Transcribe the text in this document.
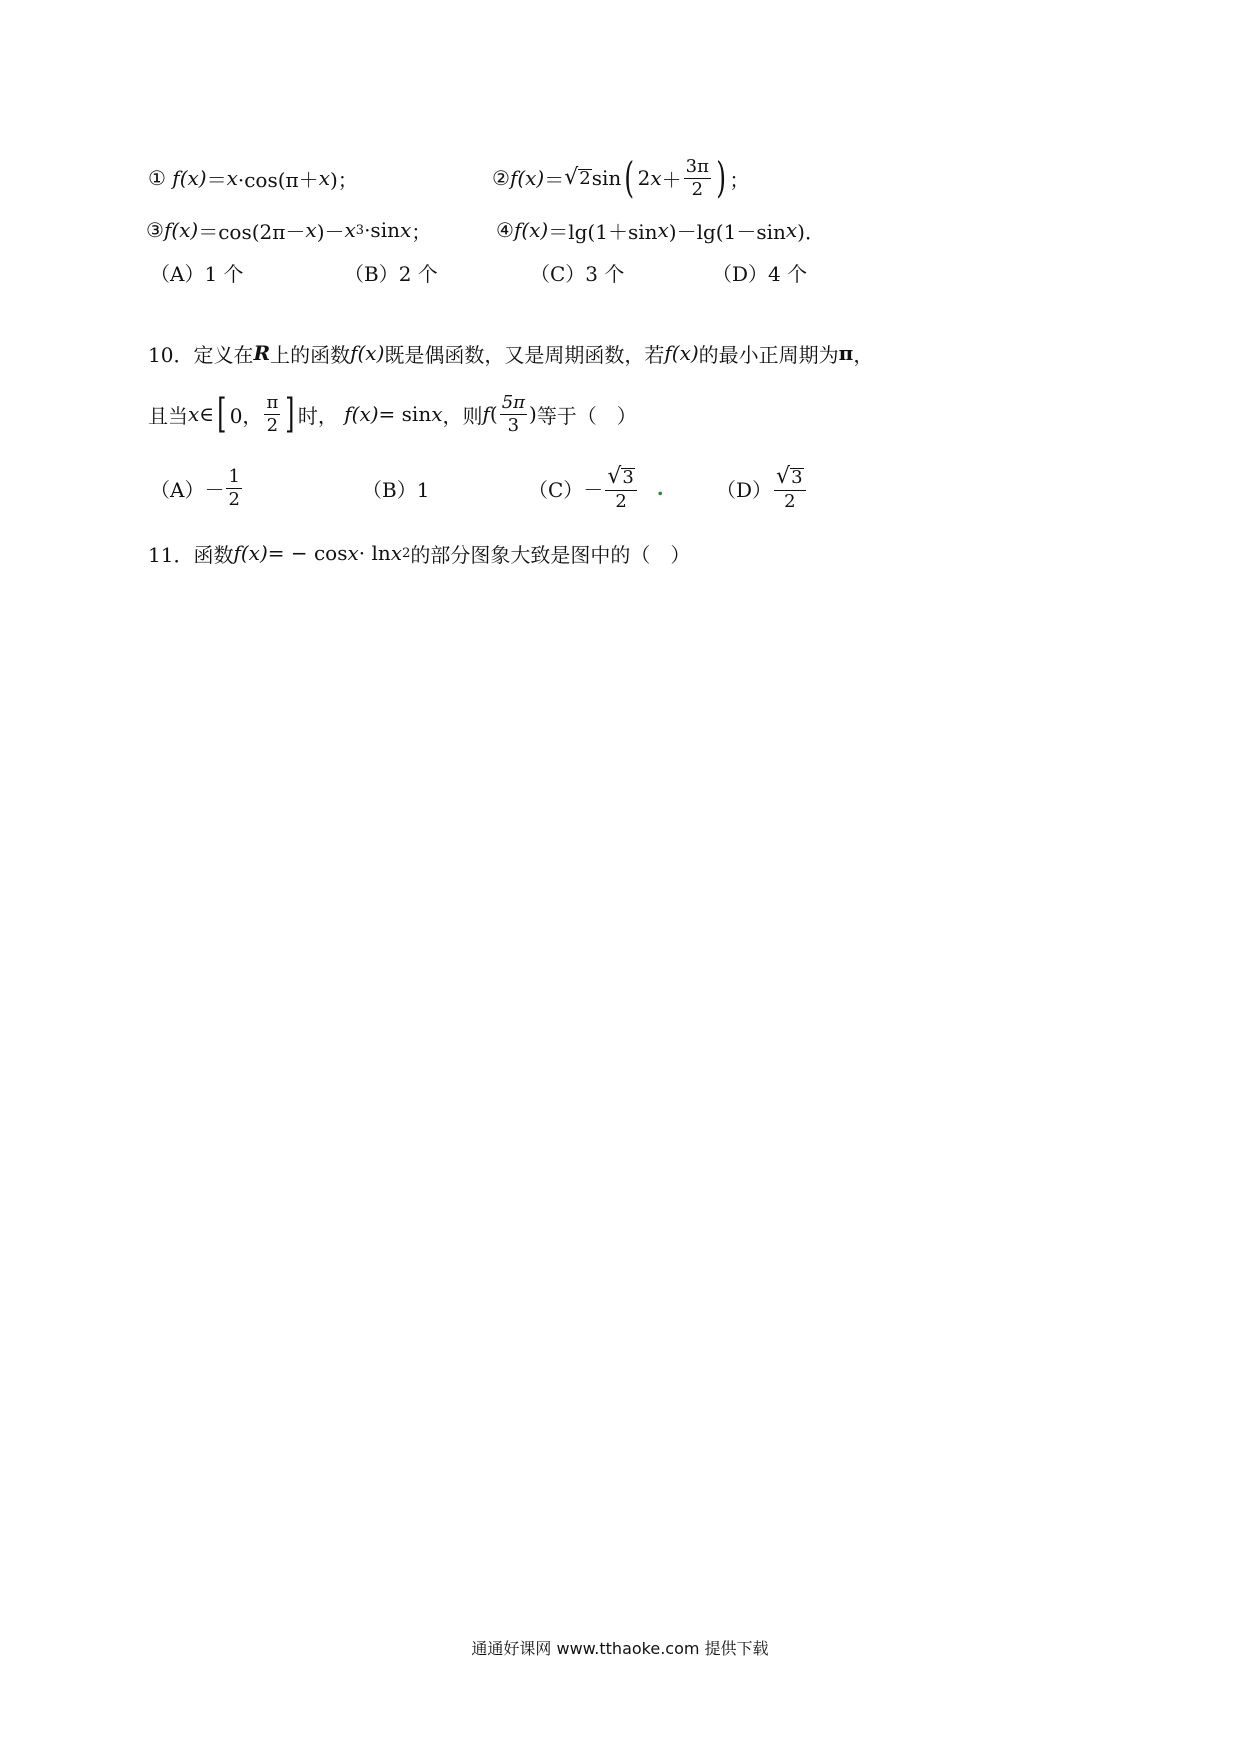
①
f(x) ＝ x ·cos(π＋ x )；	② f(x) ＝ √ 2 sin ( 2 $x + \frac{3\pi}{2}$ ) ；
③ f(x) ＝cos(2π－ x )－ x 3 ·sin x ；	④ f(x) ＝lg(1＋sin x )－lg(1－sin x )．
（A）1 个	（B）2 个	（C）3 个	（D）4 个
10．定义在 R 上的函数 f (x) 既是偶函数，又是周期函数，若 f (x) 的最小正周期为 π ，
且当 x ∈ [ 0， $\frac{\pi}{2}$ ] 时，
f (x) = sin x ，则 f ( $\frac{5\pi}{3}$ ) 等于（　）
$(A)- \frac{1}{2}$	（B）1	$(C)- \frac{√ 3}{2}$ .	$(D) \frac{√ 3}{2}$
11．函数 f (x) = − cos x · ln x 2 的部分图象大致是图中的（　）
通通好课网 www.tthaoke.com 提供下载
